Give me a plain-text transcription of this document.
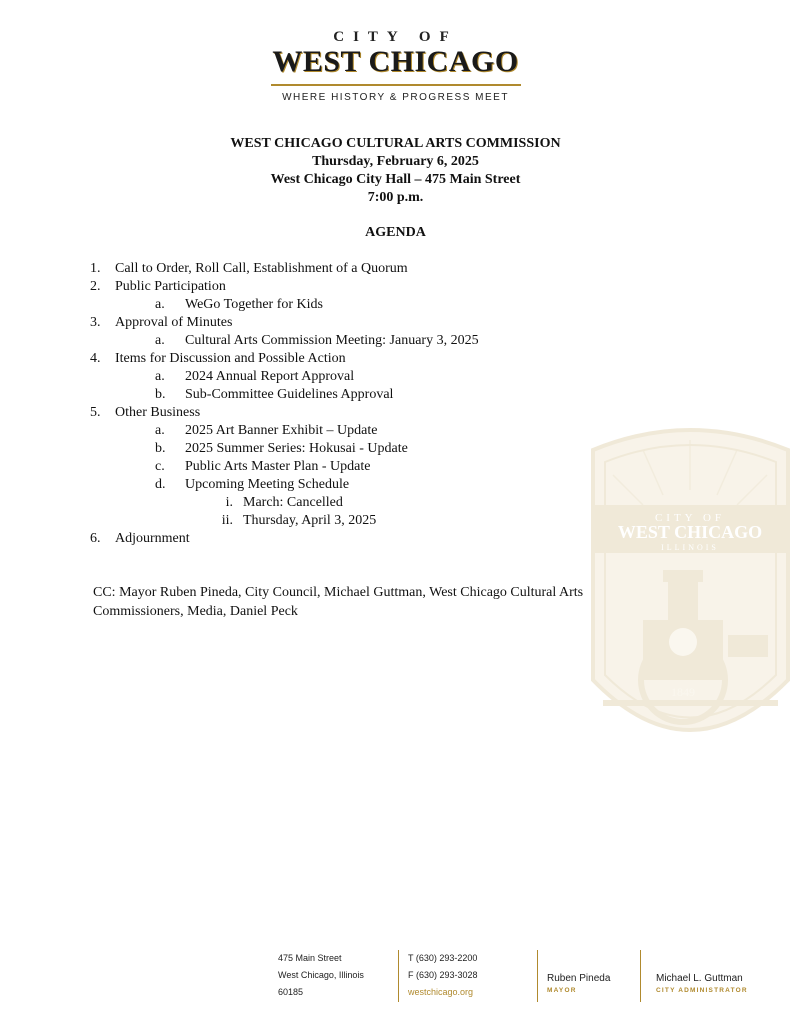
CITY OF
WEST CHICAGO
WHERE HISTORY & PROGRESS MEET
WEST CHICAGO CULTURAL ARTS COMMISSION
Thursday, February 6, 2025
West Chicago City Hall – 475 Main Street
7:00 p.m.
AGENDA
1.	Call to Order, Roll Call, Establishment of a Quorum
2.	Public Participation
a.	WeGo Together for Kids
3.	Approval of Minutes
a.	Cultural Arts Commission Meeting: January 3, 2025
4.	Items for Discussion and Possible Action
a.	2024 Annual Report Approval
b.	Sub-Committee Guidelines Approval
5.	Other Business
a.	2025 Art Banner Exhibit – Update
b.	2025 Summer Series: Hokusai - Update
c.	Public Arts Master Plan - Update
d.	Upcoming Meeting Schedule
i. March: Cancelled
ii. Thursday, April 3, 2025
6.	Adjournment
CC: Mayor Ruben Pineda, City Council, Michael Guttman, West Chicago Cultural Arts
Commissioners, Media, Daniel Peck
CITY OF
WEST CHICAGO
ILLINOIS
1849
475 Main Street
West Chicago, Illinois
60185
T (630) 293-2200
F (630) 293-3028
westchicago.org
Ruben Pineda
MAYOR
Michael L. Guttman
CITY ADMINISTRATOR
